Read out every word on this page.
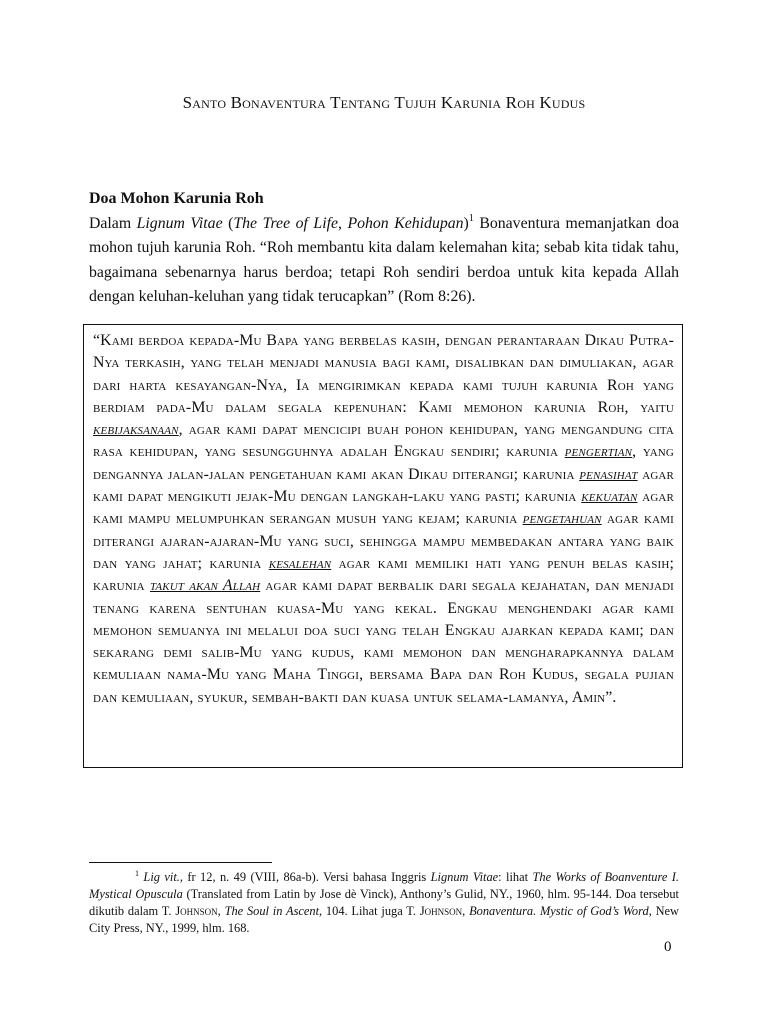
Santo Bonaventura Tentang Tujuh Karunia Roh Kudus
Doa Mohon Karunia Roh

Dalam Lignum Vitae (The Tree of Life, Pohon Kehidupan)$^1$ Bonaventura memanjatkan doa mohon tujuh karunia Roh. “Roh membantu kita dalam kelemahan kita; sebab kita tidak tahu, bagaimana sebenarnya harus berdoa; tetapi Roh sendiri berdoa untuk kita kepada Allah dengan keluhan-keluhan yang tidak terucapkan” (Rom 8:26).

“Kami berdoa kepada-Mu Bapa yang berbelas kasih, dengan perantaraan Dikau Putra-Nya terkasih, yang telah menjadi manusia bagi kami, disalibkan dan dimuliakan, agar dari harta kesayangan-Nya, Ia mengirimkan kepada kami tujuh karunia Roh yang berdiam pada-Mu dalam segala kepenuhan: Kami memohon karunia Roh, yaitu kebijaksanaan, agar kami dapat mencicipi buah pohon kehidupan, yang mengandung cita rasa kehidupan, yang sesungguhnya adalah Engkau sendiri; karunia pengertian, yang dengannya jalan-jalan pengetahuan kami akan Dikau diterangi; karunia penasihat agar kami dapat mengikuti jejak-Mu dengan langkah-laku yang pasti; karunia kekuatan agar kami mampu melumpuhkan serangan musuh yang kejam; karunia pengetahuan agar kami diterangi ajaran-ajaran-Mu yang suci, sehingga mampu membedakan antara yang baik dan yang jahat; karunia kesalehan agar kami memiliki hati yang penuh belas kasih; karunia takut akan Allah agar kami dapat berbalik dari segala kejahatan, dan menjadi tenang karena sentuhan kuasa-Mu yang kekal. Engkau menghendaki agar kami memohon semuanya ini melalui doa suci yang telah Engkau ajarkan kepada kami; dan sekarang demi salib-Mu yang kudus, kami memohon dan mengharapkannya dalam kemuliaan nama-Mu yang Maha Tinggi, bersama Bapa dan Roh Kudus, segala pujian dan kemuliaan, syukur, sembah-bakti dan kuasa untuk selama-lamanya, Amin”.

$^1$ Lig vit., fr 12, n. 49 (VIII, 86a-b). Versi bahasa Inggris Lignum Vitae: lihat The Works of Boanventure I. Mystical Opuscula (Translated from Latin by Jose dè Vinck), Anthony’s Gulid, NY., 1960, hlm. 95-144. Doa tersebut dikutib dalam T. Johnson, The Soul in Ascent, 104. Lihat juga T. Johnson, Bonaventura. Mystic of God’s Word, New City Press, NY., 1999, hlm. 168.

0
